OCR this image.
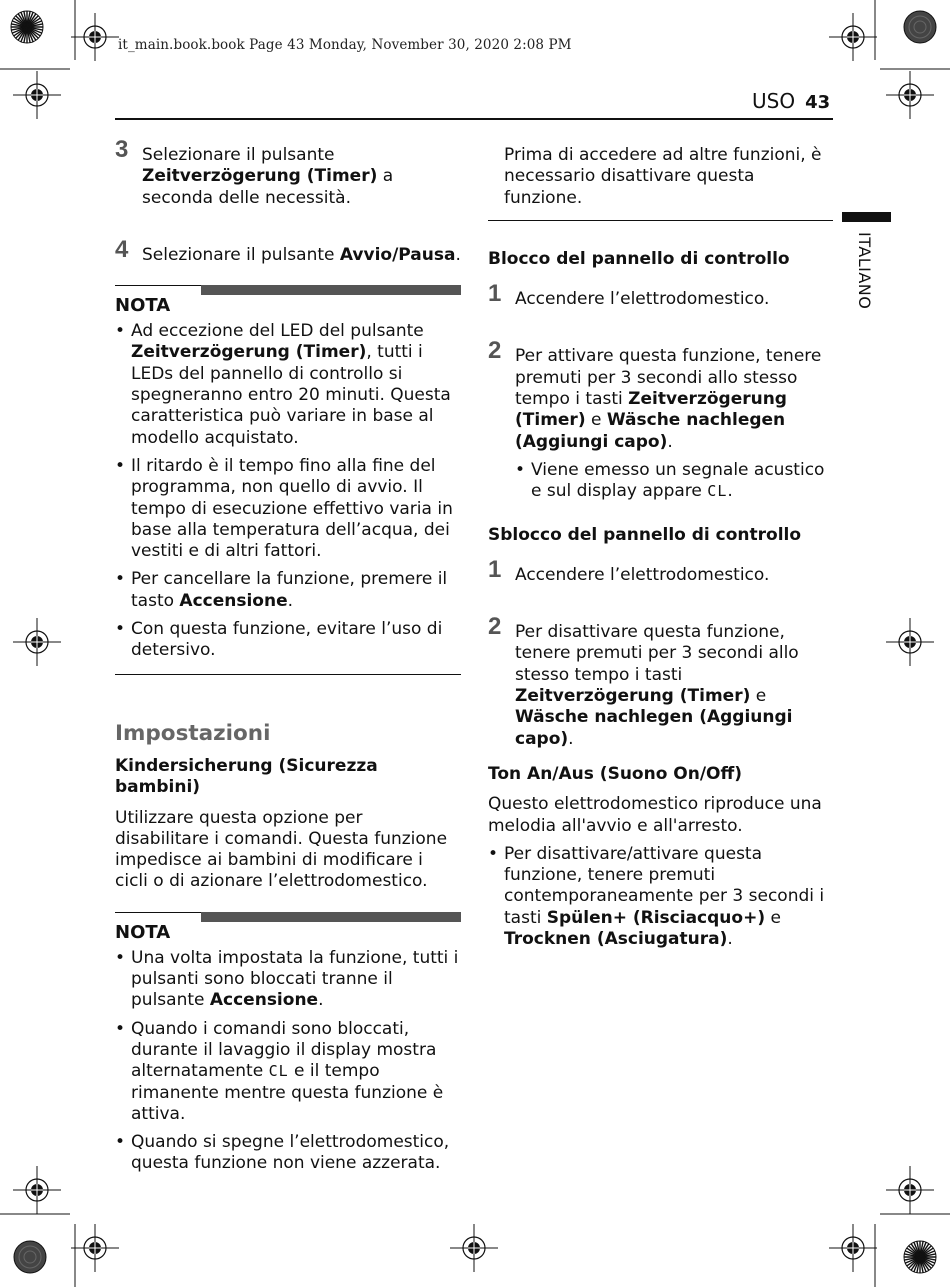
it_main.book.book Page 43 Monday, November 30, 2020 2:08 PM
USO 43
ITALIANO
3 Selezionare il pulsante Zeitverzögerung (Timer) a seconda delle necessità.

4 Selezionare il pulsante Avvio/Pausa.

NOTA
• Ad eccezione del LED del pulsante Zeitverzögerung (Timer), tutti i LEDs del pannello di controllo si spegneranno entro 20 minuti. Questa caratteristica può variare in base al modello acquistato.

• Il ritardo è il tempo fino alla fine del programma, non quello di avvio. Il tempo di esecuzione effettivo varia in base alla temperatura dell’acqua, dei vestiti e di altri fattori.

• Per cancellare la funzione, premere il tasto Accensione.

• Con questa funzione, evitare l’uso di detersivo.

Impostazioni

Kindersicherung (Sicurezza bambini)

Utilizzare questa opzione per disabilitare i comandi. Questa funzione impedisce ai bambini di modificare i cicli o di azionare l’elettrodomestico.

NOTA
• Una volta impostata la funzione, tutti i pulsanti sono bloccati tranne il pulsante Accensione.

• Quando i comandi sono bloccati, durante il lavaggio il display mostra alternatamente CL e il tempo rimanente mentre questa funzione è attiva.

• Quando si spegne l’elettrodomestico, questa funzione non viene azzerata.

Prima di accedere ad altre funzioni, è necessario disattivare questa funzione.

Blocco del pannello di controllo

1 Accendere l’elettrodomestico.

2 Per attivare questa funzione, tenere premuti per 3 secondi allo stesso tempo i tasti Zeitverzögerung (Timer) e Wäsche nachlegen (Aggiungi capo).

• Viene emesso un segnale acustico e sul display appare CL.

Sblocco del pannello di controllo

1 Accendere l’elettrodomestico.

2 Per disattivare questa funzione, tenere premuti per 3 secondi allo stesso tempo i tasti Zeitverzögerung (Timer) e Wäsche nachlegen (Aggiungi capo).

Ton An/Aus (Suono On/Off)

Questo elettrodomestico riproduce una melodia all'avvio e all'arresto.

• Per disattivare/attivare questa funzione, tenere premuti contemporaneamente per 3 secondi i tasti Spülen+ (Risciacquo+) e Trocknen (Asciugatura).
